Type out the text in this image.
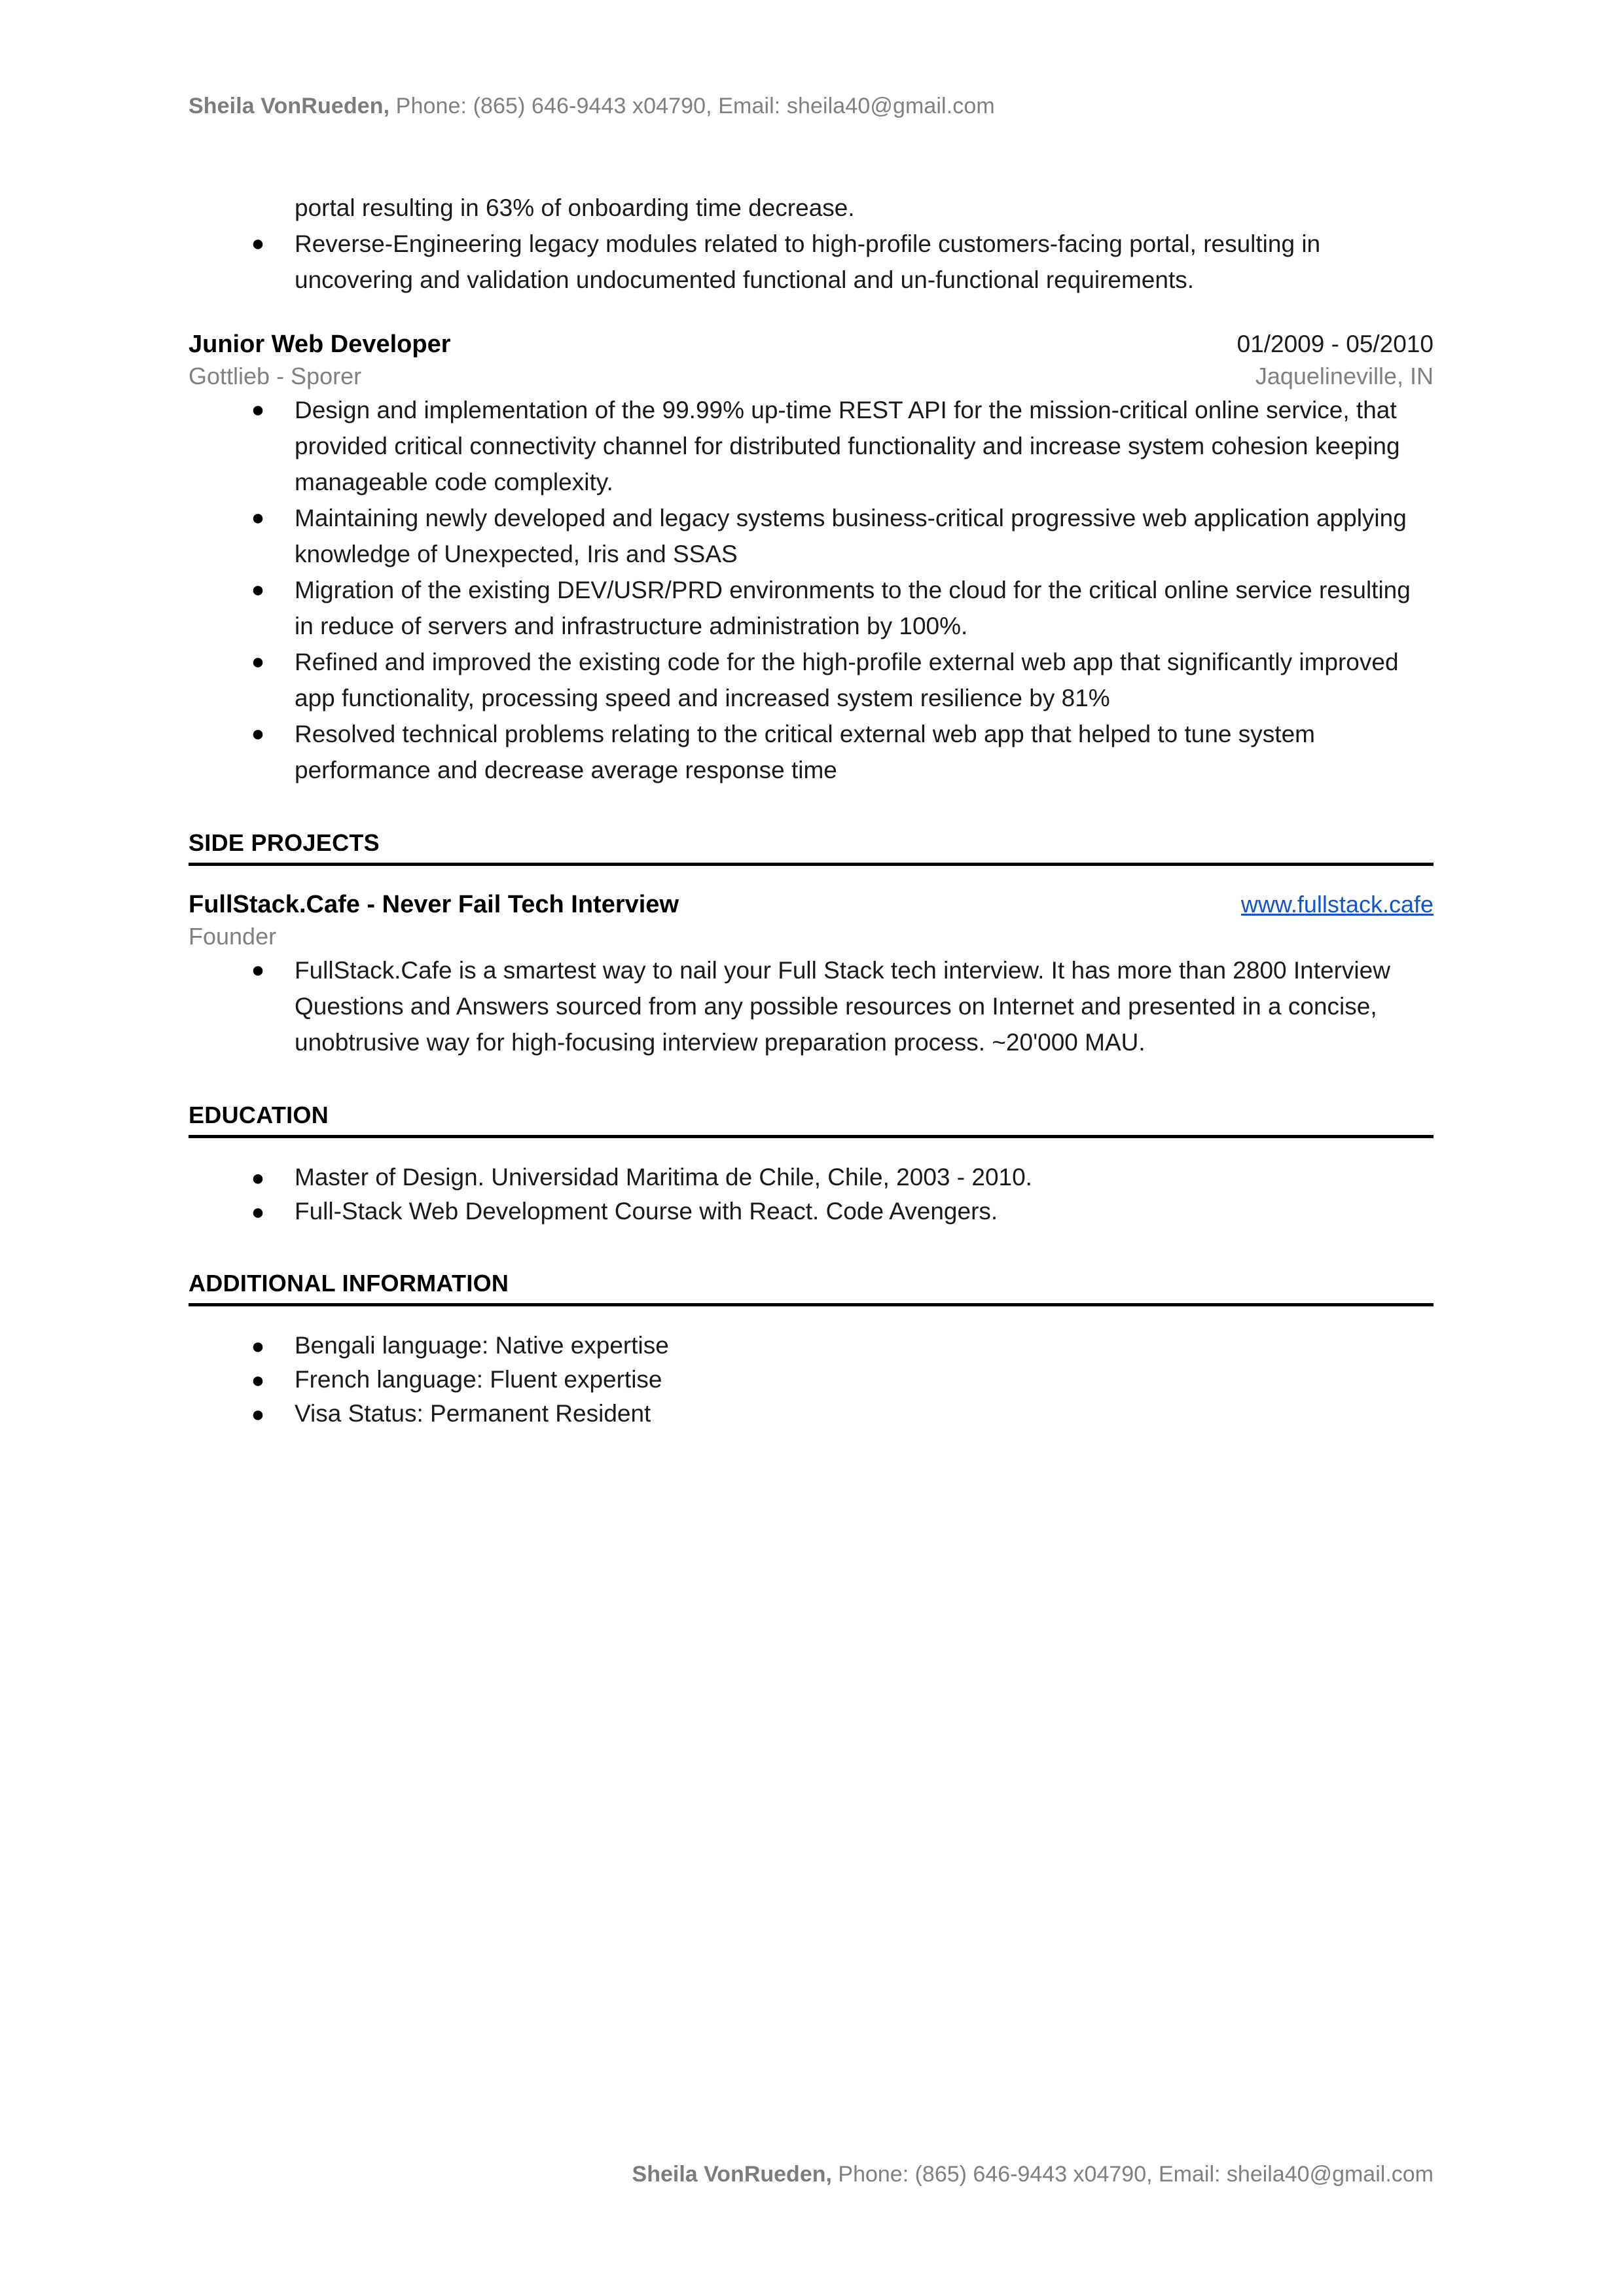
Sheila VonRueden, Phone: (865) 646-9443 x04790, Email: sheila40@gmail.com
portal resulting in 63% of onboarding time decrease.
● Reverse-Engineering legacy modules related to high-profile customers-facing portal, resulting in uncovering and validation undocumented functional and un-functional requirements.
Junior Web Developer	01/2009 - 05/2010
Gottlieb - Sporer	Jaquelineville, IN
● Design and implementation of the 99.99% up-time REST API for the mission-critical online service, that provided critical connectivity channel for distributed functionality and increase system cohesion keeping manageable code complexity.
● Maintaining newly developed and legacy systems business-critical progressive web application applying knowledge of Unexpected, Iris and SSAS
● Migration of the existing DEV/USR/PRD environments to the cloud for the critical online service resulting in reduce of servers and infrastructure administration by 100%.
● Refined and improved the existing code for the high-profile external web app that significantly improved app functionality, processing speed and increased system resilience by 81%
● Resolved technical problems relating to the critical external web app that helped to tune system performance and decrease average response time
SIDE PROJECTS
FullStack.Cafe - Never Fail Tech Interview	www.fullstack.cafe
Founder
● FullStack.Cafe is a smartest way to nail your Full Stack tech interview. It has more than 2800 Interview Questions and Answers sourced from any possible resources on Internet and presented in a concise, unobtrusive way for high-focusing interview preparation process. ~20'000 MAU.
EDUCATION
● Master of Design. Universidad Maritima de Chile, Chile, 2003 - 2010.
● Full-Stack Web Development Course with React. Code Avengers.
ADDITIONAL INFORMATION
● Bengali language: Native expertise
● French language: Fluent expertise
● Visa Status: Permanent Resident
Sheila VonRueden, Phone: (865) 646-9443 x04790, Email: sheila40@gmail.com
